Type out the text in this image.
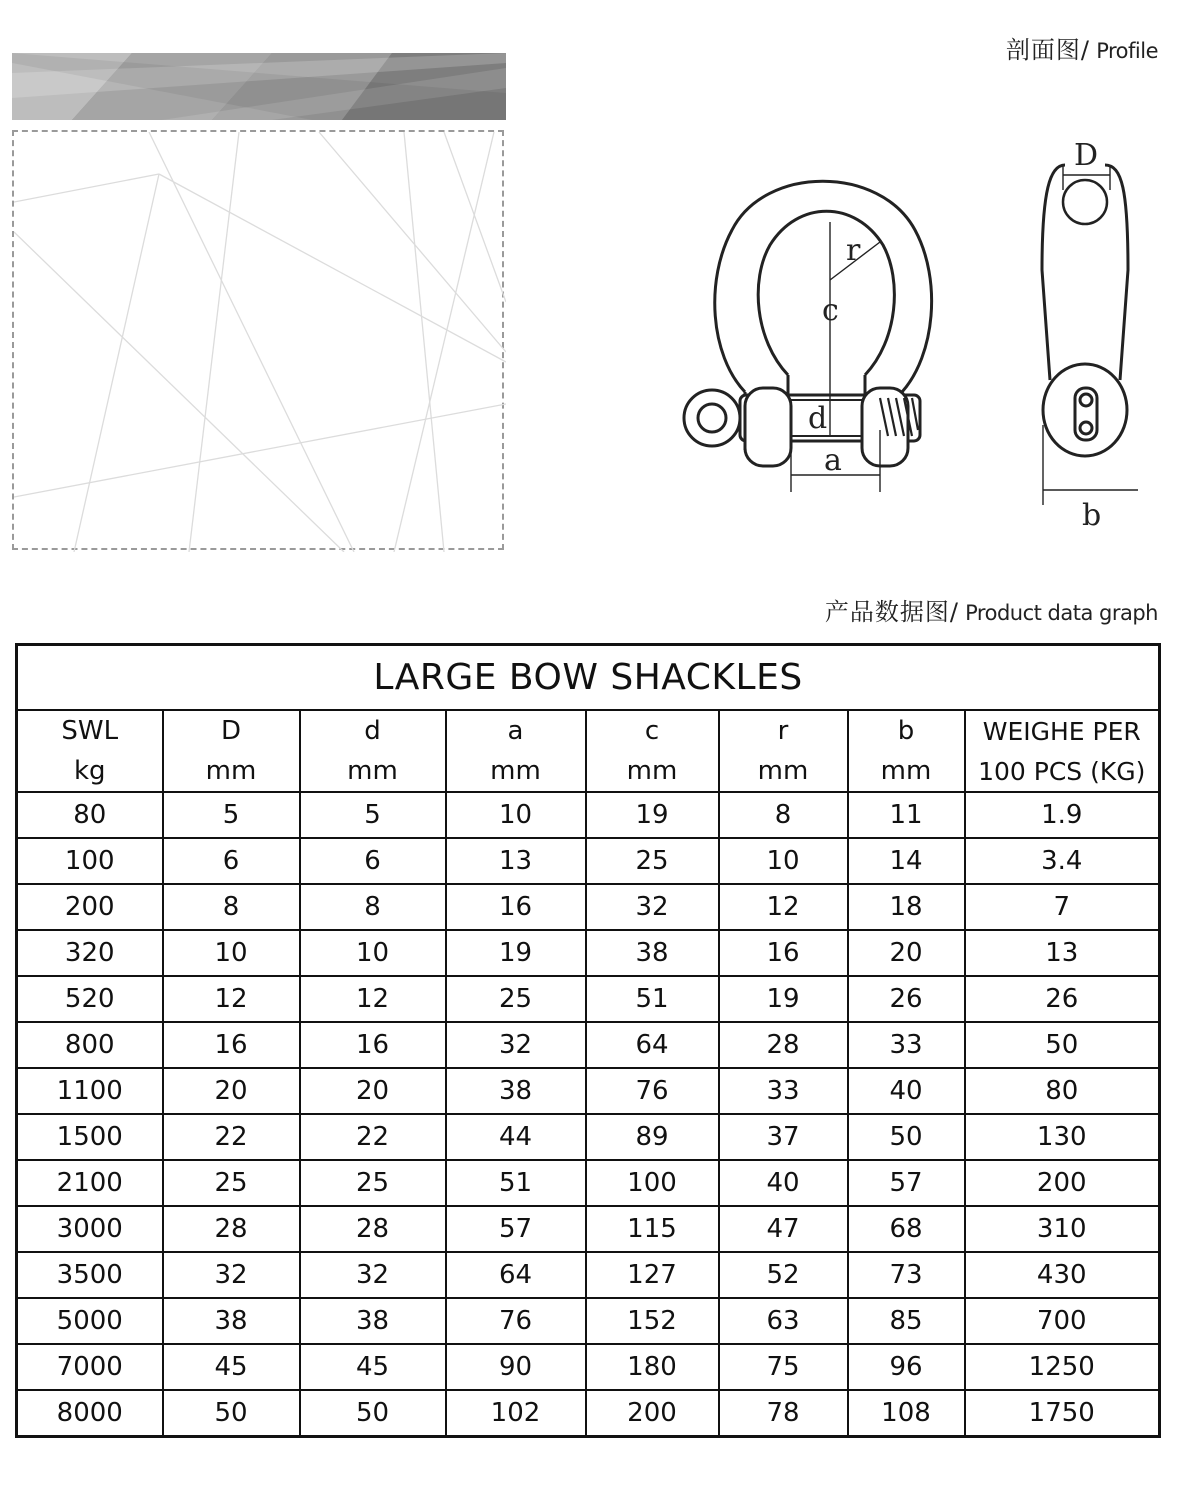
剖面图/ Profile
r
c
d
a
D
b
产品数据图/ Product data graph
LARGE BOW SHACKLES							
SWL	D	d	a	c	r	b	WEIGHE PER
kg	mm	mm	mm	mm	mm	mm	100 PCS (KG)
80	5	5	10	19	8	11	1.9
100	6	6	13	25	10	14	3.4
200	8	8	16	32	12	18	7
320	10	10	19	38	16	20	13
520	12	12	25	51	19	26	26
800	16	16	32	64	28	33	50
1100	20	20	38	76	33	40	80
1500	22	22	44	89	37	50	130
2100	25	25	51	100	40	57	200
3000	28	28	57	115	47	68	310
3500	32	32	64	127	52	73	430
5000	38	38	76	152	63	85	700
7000	45	45	90	180	75	96	1250
8000	50	50	102	200	78	108	1750
